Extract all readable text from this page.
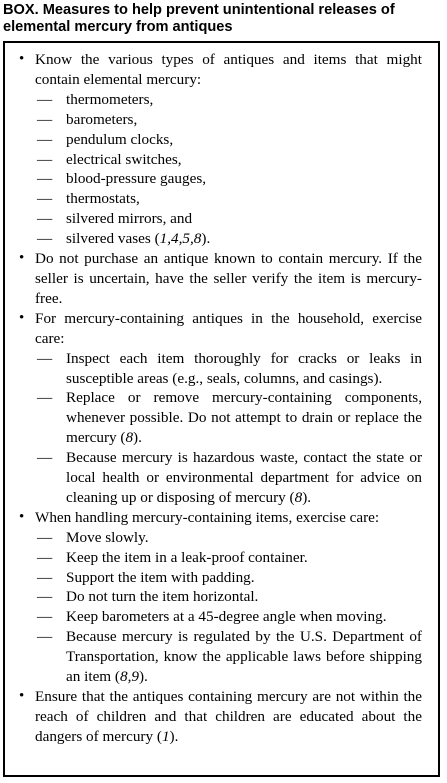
BOX. Measures to help prevent unintentional releases of elemental mercury from antiques
• Know the various types of antiques and items that might contain elemental mercury:
— thermometers,
— barometers,
— pendulum clocks,
— electrical switches,
— blood-pressure gauges,
— thermostats,
— silvered mirrors, and
— silvered vases (1,4,5,8).
• Do not purchase an antique known to contain mercury. If the seller is uncertain, have the seller verify the item is mercury-free.
• For mercury-containing antiques in the household, exercise care:
— Inspect each item thoroughly for cracks or leaks in susceptible areas (e.g., seals, columns, and casings).
— Replace or remove mercury-containing components, whenever possible. Do not attempt to drain or replace the mercury (8).
— Because mercury is hazardous waste, contact the state or local health or environmental department for advice on cleaning up or disposing of mercury (8).
• When handling mercury-containing items, exercise care:
— Move slowly.
— Keep the item in a leak-proof container.
— Support the item with padding.
— Do not turn the item horizontal.
— Keep barometers at a 45-degree angle when moving.
— Because mercury is regulated by the U.S. Department of Transportation, know the applicable laws before shipping an item (8,9).
• Ensure that the antiques containing mercury are not within the reach of children and that children are educated about the dangers of mercury (1).
